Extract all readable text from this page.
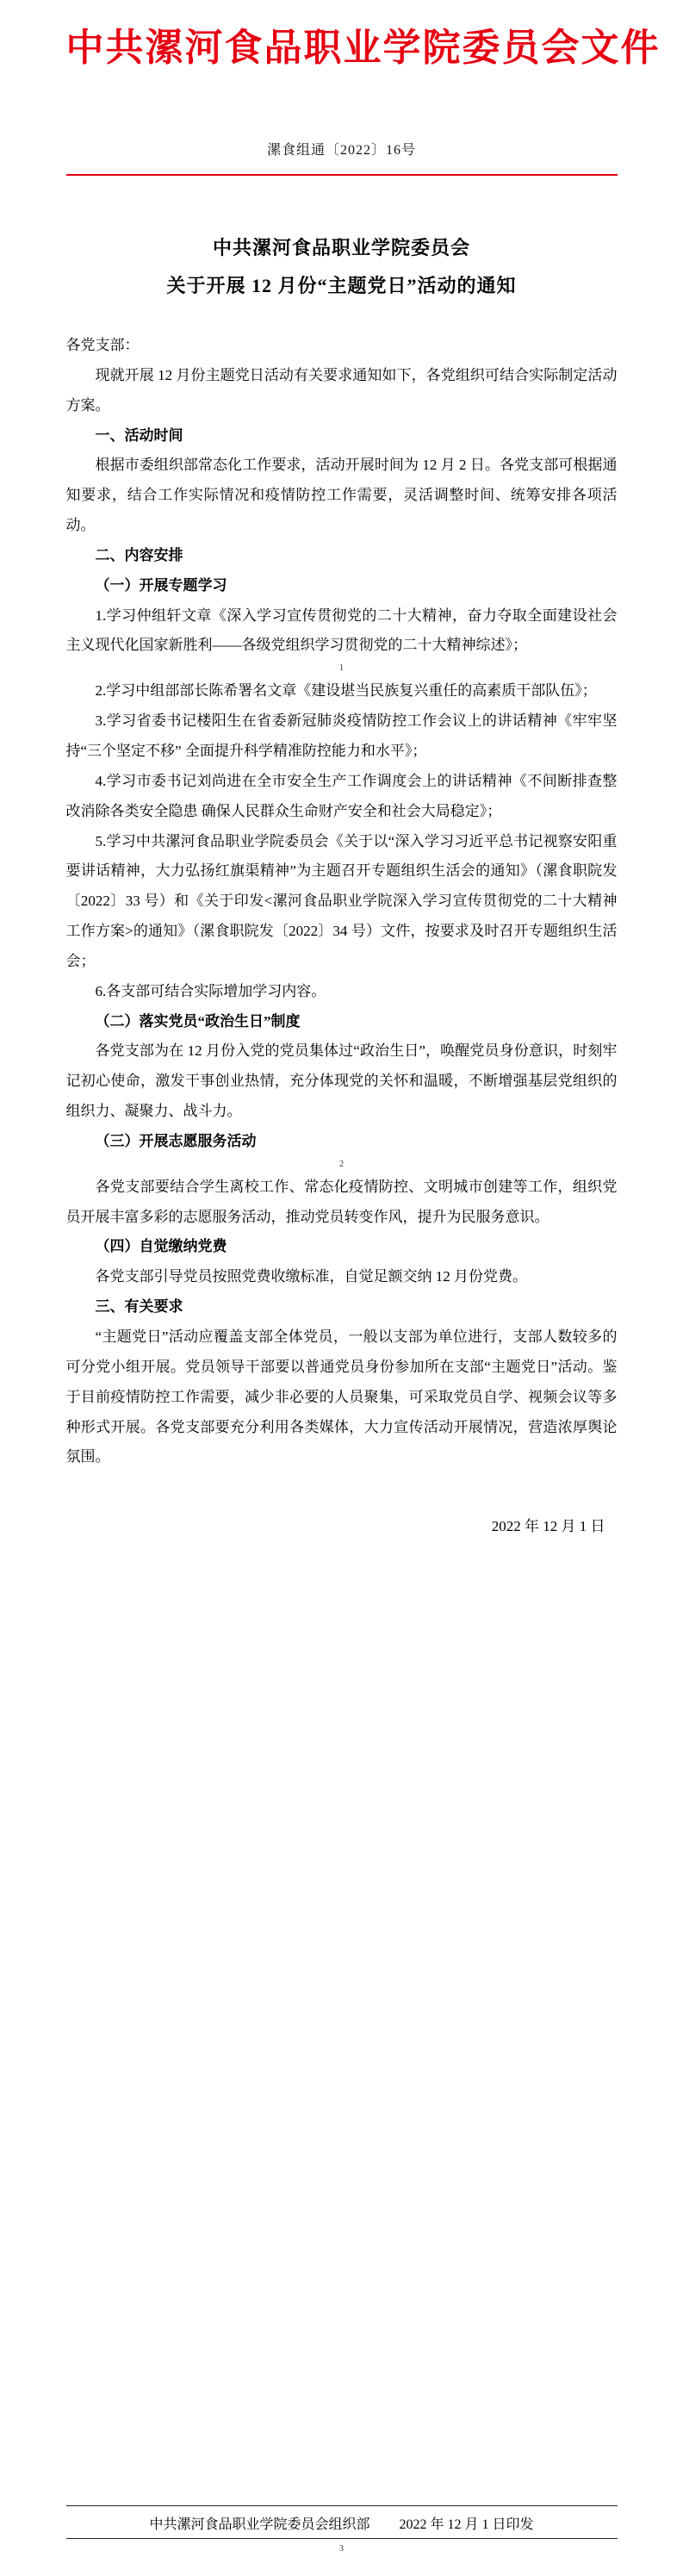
中共漯河食品职业学院委员会文件
漯食组通〔2022〕16号
中共漯河食品职业学院委员会
关于开展 12 月份“主题党日”活动的通知
各党支部：
现就开展 12 月份主题党日活动有关要求通知如下，各党组织可结合实际制定活动方案。
一、活动时间
根据市委组织部常态化工作要求，活动开展时间为 12 月 2 日。各党支部可根据通知要求，结合工作实际情况和疫情防控工作需要，灵活调整时间、统筹安排各项活动。
二、内容安排
（一）开展专题学习
1.学习仲组轩文章《深入学习宣传贯彻党的二十大精神，奋力夺取全面建设社会主义现代化国家新胜利——各级党组织学习贯彻党的二十大精神综述》；
1
2.学习中组部部长陈希署名文章《建设堪当民族复兴重任的高素质干部队伍》；
3.学习省委书记楼阳生在省委新冠肺炎疫情防控工作会议上的讲话精神《牢牢坚持“三个坚定不移” 全面提升科学精准防控能力和水平》；
4.学习市委书记刘尚进在全市安全生产工作调度会上的讲话精神《不间断排查整改消除各类安全隐患 确保人民群众生命财产安全和社会大局稳定》；
5.学习中共漯河食品职业学院委员会《关于以“深入学习习近平总书记视察安阳重要讲话精神，大力弘扬红旗渠精神”为主题召开专题组织生活会的通知》（漯食职院发〔2022〕33 号）和《关于印发<漯河食品职业学院深入学习宣传贯彻党的二十大精神工作方案>的通知》（漯食职院发〔2022〕34 号）文件，按要求及时召开专题组织生活会；
6.各支部可结合实际增加学习内容。
（二）落实党员“政治生日”制度
各党支部为在 12 月份入党的党员集体过“政治生日”，唤醒党员身份意识，时刻牢记初心使命，激发干事创业热情，充分体现党的关怀和温暖，不断增强基层党组织的组织力、凝聚力、战斗力。
（三）开展志愿服务活动
2
各党支部要结合学生离校工作、常态化疫情防控、文明城市创建等工作，组织党员开展丰富多彩的志愿服务活动，推动党员转变作风，提升为民服务意识。
（四）自觉缴纳党费
各党支部引导党员按照党费收缴标准，自觉足额交纳 12 月份党费。
三、有关要求
“主题党日”活动应覆盖支部全体党员，一般以支部为单位进行，支部人数较多的可分党小组开展。党员领导干部要以普通党员身份参加所在支部“主题党日”活动。鉴于目前疫情防控工作需要，减少非必要的人员聚集，可采取党员自学、视频会议等多种形式开展。各党支部要充分利用各类媒体，大力宣传活动开展情况，营造浓厚舆论氛围。
2022 年 12 月 1 日
中共漯河食品职业学院委员会组织部 2022 年 12 月 1 日印发
3
